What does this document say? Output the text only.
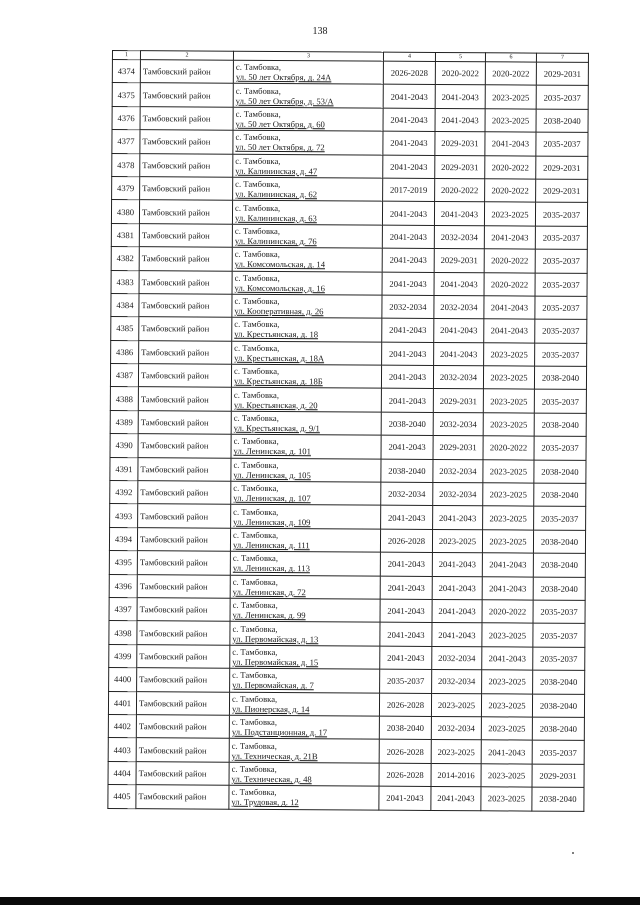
138
1	2	3	4	5	6	7
4374	Тамбовский район	с. Тамбовка,
ул. 50 лет Октября, д. 24А	2026-2028	2020-2022	2020-2022	2029-2031
4375	Тамбовский район	с. Тамбовка,
ул. 50 лет Октября, д. 53/А	2041-2043	2041-2043	2023-2025	2035-2037
4376	Тамбовский район	с. Тамбовка,
ул. 50 лет Октября, д. 60	2041-2043	2041-2043	2023-2025	2038-2040
4377	Тамбовский район	с. Тамбовка,
ул. 50 лет Октября, д. 72	2041-2043	2029-2031	2041-2043	2035-2037
4378	Тамбовский район	с. Тамбовка,
ул. Калининская, д. 47	2041-2043	2029-2031	2020-2022	2029-2031
4379	Тамбовский район	с. Тамбовка,
ул. Калининская, д. 62	2017-2019	2020-2022	2020-2022	2029-2031
4380	Тамбовский район	с. Тамбовка,
ул. Калининская, д. 63	2041-2043	2041-2043	2023-2025	2035-2037
4381	Тамбовский район	с. Тамбовка,
ул. Калининская, д. 76	2041-2043	2032-2034	2041-2043	2035-2037
4382	Тамбовский район	с. Тамбовка,
ул. Комсомольская, д. 14	2041-2043	2029-2031	2020-2022	2035-2037
4383	Тамбовский район	с. Тамбовка,
ул. Комсомольская, д. 16	2041-2043	2041-2043	2020-2022	2035-2037
4384	Тамбовский район	с. Тамбовка,
ул. Кооперативная, д. 26	2032-2034	2032-2034	2041-2043	2035-2037
4385	Тамбовский район	с. Тамбовка,
ул. Крестьянская, д. 18	2041-2043	2041-2043	2041-2043	2035-2037
4386	Тамбовский район	с. Тамбовка,
ул. Крестьянская, д. 18А	2041-2043	2041-2043	2023-2025	2035-2037
4387	Тамбовский район	с. Тамбовка,
ул. Крестьянская, д. 18Б	2041-2043	2032-2034	2023-2025	2038-2040
4388	Тамбовский район	с. Тамбовка,
ул. Крестьянская, д. 20	2041-2043	2029-2031	2023-2025	2035-2037
4389	Тамбовский район	с. Тамбовка,
ул. Крестьянская, д. 9/1	2038-2040	2032-2034	2023-2025	2038-2040
4390	Тамбовский район	с. Тамбовка,
ул. Ленинская, д. 101	2041-2043	2029-2031	2020-2022	2035-2037
4391	Тамбовский район	с. Тамбовка,
ул. Ленинская, д. 105	2038-2040	2032-2034	2023-2025	2038-2040
4392	Тамбовский район	с. Тамбовка,
ул. Ленинская, д. 107	2032-2034	2032-2034	2023-2025	2038-2040
4393	Тамбовский район	с. Тамбовка,
ул. Ленинская, д. 109	2041-2043	2041-2043	2023-2025	2035-2037
4394	Тамбовский район	с. Тамбовка,
ул. Ленинская, д. 111	2026-2028	2023-2025	2023-2025	2038-2040
4395	Тамбовский район	с. Тамбовка,
ул. Ленинская, д. 113	2041-2043	2041-2043	2041-2043	2038-2040
4396	Тамбовский район	с. Тамбовка,
ул. Ленинская, д. 72	2041-2043	2041-2043	2041-2043	2038-2040
4397	Тамбовский район	с. Тамбовка,
ул. Ленинская, д. 99	2041-2043	2041-2043	2020-2022	2035-2037
4398	Тамбовский район	с. Тамбовка,
ул. Первомайская, д. 13	2041-2043	2041-2043	2023-2025	2035-2037
4399	Тамбовский район	с. Тамбовка,
ул. Первомайская, д. 15	2041-2043	2032-2034	2041-2043	2035-2037
4400	Тамбовский район	с. Тамбовка,
ул. Первомайская, д. 7	2035-2037	2032-2034	2023-2025	2038-2040
4401	Тамбовский район	с. Тамбовка,
ул. Пионерская, д. 14	2026-2028	2023-2025	2023-2025	2038-2040
4402	Тамбовский район	с. Тамбовка,
ул. Подстанционная, д. 17	2038-2040	2032-2034	2023-2025	2038-2040
4403	Тамбовский район	с. Тамбовка,
ул. Техническая, д. 21В	2026-2028	2023-2025	2041-2043	2035-2037
4404	Тамбовский район	с. Тамбовка,
ул. Техническая, д. 48	2026-2028	2014-2016	2023-2025	2029-2031
4405	Тамбовский район	с. Тамбовка,
ул. Трудовая, д. 12	2041-2043	2041-2043	2023-2025	2038-2040
